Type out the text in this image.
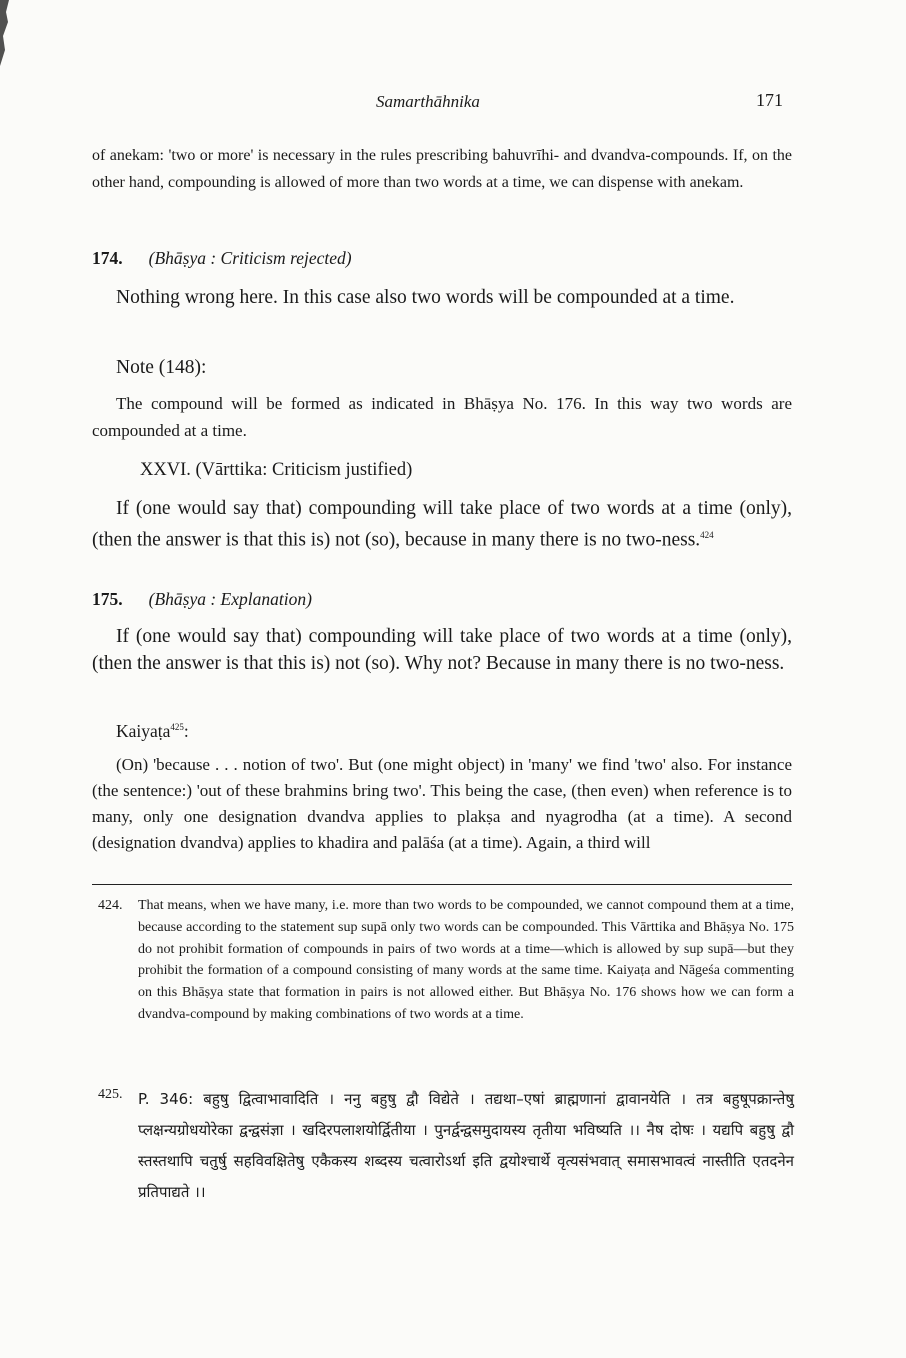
Samarthāhnika	171
of anekam: 'two or more' is necessary in the rules prescribing bahuvrīhi- and dvandva-compounds. If, on the other hand, compounding is allowed of more than two words at a time, we can dispense with anekam.
174. (Bhāṣya : Criticism rejected)
Nothing wrong here. In this case also two words will be compounded at a time.
Note (148):
The compound will be formed as indicated in Bhāṣya No. 176. In this way two words are compounded at a time.
XXVI. (Vārttika: Criticism justified)
If (one would say that) compounding will take place of two words at a time (only), (then the answer is that this is) not (so), because in many there is no two-ness.$^{424}$
175. (Bhāṣya : Explanation)
If (one would say that) compounding will take place of two words at a time (only), (then the answer is that this is) not (so). Why not? Because in many there is no two-ness.
Kaiyaṭa$^{425}$:
(On) 'because . . . notion of two'. But (one might object) in 'many' we find 'two' also. For instance (the sentence:) 'out of these brahmins bring two'. This being the case, (then even) when reference is to many, only one designation dvandva applies to plakṣa and nyagrodha (at a time). A second (designation dvandva) applies to khadira and palāśa (at a time). Again, a third will
424. That means, when we have many, i.e. more than two words to be compounded, we cannot compound them at a time, because according to the statement sup supā only two words can be compounded. This Vārttika and Bhāṣya No. 175 do not prohibit formation of compounds in pairs of two words at a time—which is allowed by sup supā—but they prohibit the formation of a compound consisting of many words at the same time. Kaiyaṭa and Nāgeśa commenting on this Bhāṣya state that formation in pairs is not allowed either. But Bhāṣya No. 176 shows how we can form a dvandva-compound by making combinations of two words at a time.
425. P. 346: बहुषु द्वित्वाभावादिति । ननु बहुषु द्वौ विद्येते । तद्यथा–एषां ब्राह्मणानां द्वावानयेति । तत्र बहुषूपक्रान्तेषु प्लक्षन्यग्रोधयोरेका द्वन्द्वसंज्ञा । खदिरपलाशयोर्द्वितीया । पुनर्द्वन्द्वसमुदायस्य तृतीया भविष्यति ।। नैष दोषः । यद्यपि बहुषु द्वौ स्तस्तथापि चतुर्षु सहविवक्षितेषु एकैकस्य शब्दस्य चत्वारोऽर्था इति द्वयोश्चार्थे वृत्यसंभवात् समासभावत्वं नास्तीति एतदनेन प्रतिपाद्यते ।।
